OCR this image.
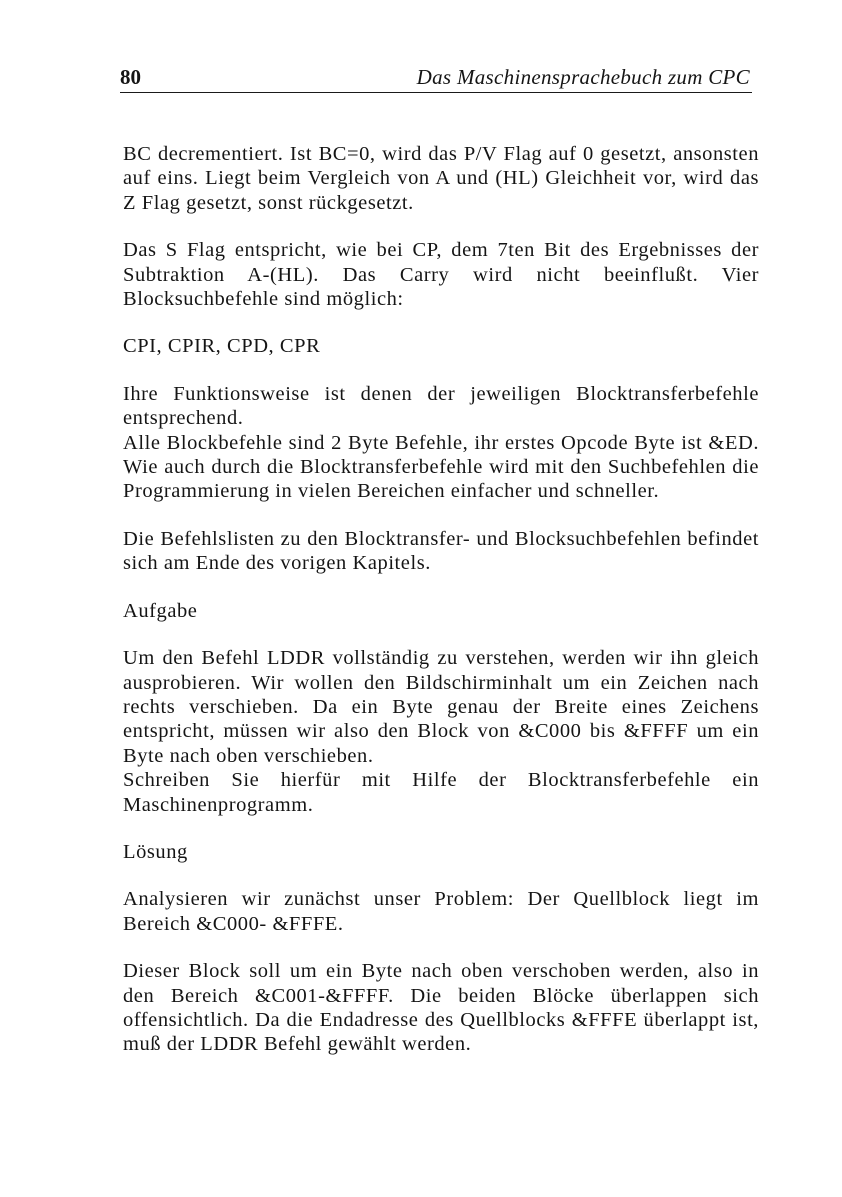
80	Das Maschinensprachebuch zum CPC

BC decrementiert. Ist BC=0, wird das P/V Flag auf 0 gesetzt, ansonsten auf eins. Liegt beim Vergleich von A und (HL) Gleichheit vor, wird das Z Flag gesetzt, sonst rückgesetzt.

Das S Flag entspricht, wie bei CP, dem 7ten Bit des Ergebnisses der Subtraktion A-(HL). Das Carry wird nicht beeinflußt. Vier Blocksuchbefehle sind möglich:

CPI, CPIR, CPD, CPR

Ihre Funktionsweise ist denen der jeweiligen Blocktransferbefehle entsprechend.

Alle Blockbefehle sind 2 Byte Befehle, ihr erstes Opcode Byte ist &ED. Wie auch durch die Blocktransferbefehle wird mit den Suchbefehlen die Programmierung in vielen Bereichen einfacher und schneller.

Die Befehlslisten zu den Blocktransfer- und Blocksuchbefehlen befindet sich am Ende des vorigen Kapitels.

Aufgabe

Um den Befehl LDDR vollständig zu verstehen, werden wir ihn gleich ausprobieren. Wir wollen den Bildschirminhalt um ein Zeichen nach rechts verschieben. Da ein Byte genau der Breite eines Zeichens entspricht, müssen wir also den Block von &C000 bis &FFFF um ein Byte nach oben verschieben.

Schreiben Sie hierfür mit Hilfe der Blocktransferbefehle ein Maschinenprogramm.

Lösung

Analysieren wir zunächst unser Problem: Der Quellblock liegt im Bereich &C000- &FFFE.

Dieser Block soll um ein Byte nach oben verschoben werden, also in den Bereich &C001-&FFFF. Die beiden Blöcke überlappen sich offensichtlich. Da die Endadresse des Quellblocks &FFFE überlappt ist, muß der LDDR Befehl gewählt werden.
